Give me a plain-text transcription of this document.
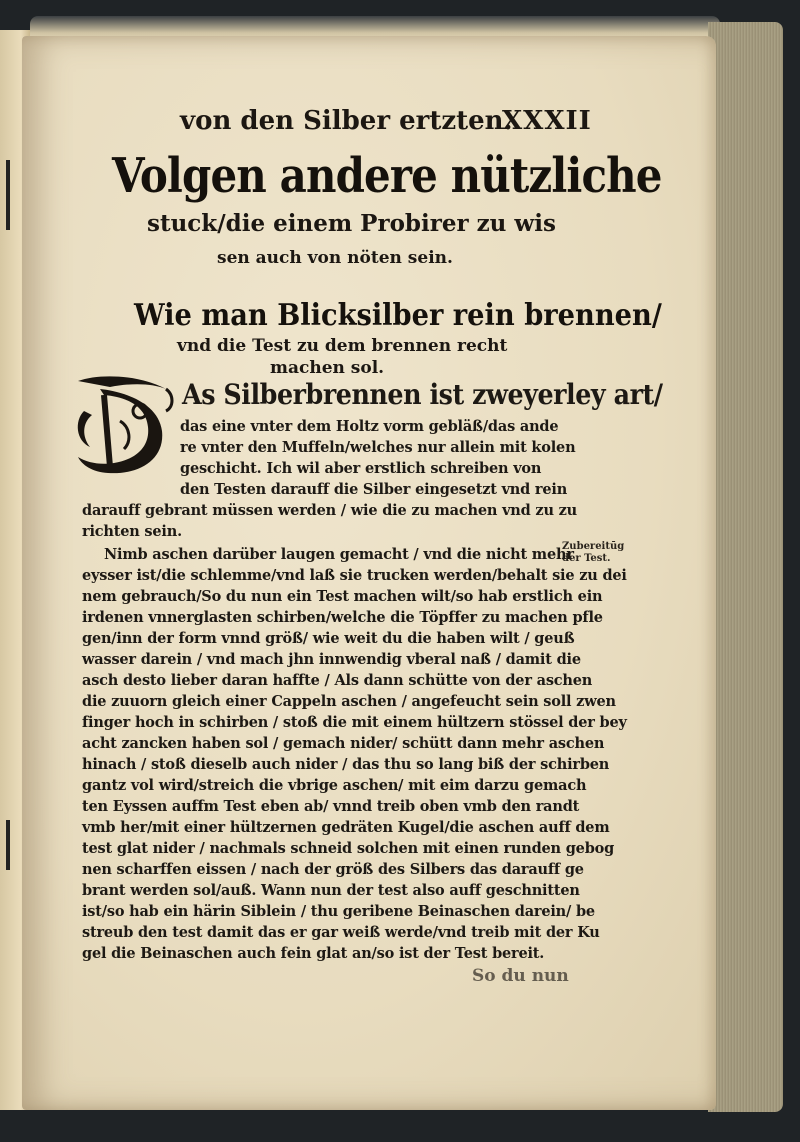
von den Silber ertzten.
XXXII
Volgen andere nützliche
stuck/die einem Probirer zu wis
sen auch von nöten sein.
Wie man Blicksilber rein brennen/
vnd die Test zu dem brennen recht
machen sol.
Zubereitūg
der Test.
As Silberbrennen ist zweyerley art/
das eine vnter dem Holtz vorm gebläß/das ande
re vnter den Muffeln/welches nur allein mit kolen
geschicht. Ich wil aber erstlich schreiben von
den Testen darauff die Silber eingesetzt vnd rein
darauff gebrant müssen werden / wie die zu machen vnd zu zu
richten sein.
Nimb aschen darüber laugen gemacht / vnd die nicht mehr
eysser ist/die schlemme/vnd laß sie trucken werden/behalt sie zu dei
nem gebrauch/So du nun ein Test machen wilt/so hab erstlich ein
irdenen vnnerglasten schirben/welche die Töpffer zu machen pfle
gen/inn der form vnnd größ/ wie weit du die haben wilt / geuß
wasser darein / vnd mach jhn innwendig vberal naß / damit die
asch desto lieber daran haffte / Als dann schütte von der aschen
die zuuorn gleich einer Cappeln aschen / angefeucht sein soll zwen
finger hoch in schirben / stoß die mit einem hültzern stössel der bey
acht zancken haben sol / gemach nider/ schütt dann mehr aschen
hinach / stoß dieselb auch nider / das thu so lang biß der schirben
gantz vol wird/streich die vbrige aschen/ mit eim darzu gemach
ten Eyssen auffm Test eben ab/ vnnd treib oben vmb den randt
vmb her/mit einer hültzernen gedräten Kugel/die aschen auff dem
test glat nider / nachmals schneid solchen mit einen runden gebog
nen scharffen eissen / nach der größ des Silbers das darauff ge
brant werden sol/auß. Wann nun der test also auff geschnitten
ist/so hab ein härin Siblein / thu geribene Beinaschen darein/ be
streub den test damit das er gar weiß werde/vnd treib mit der Ku
gel die Beinaschen auch fein glat an/so ist der Test bereit.
So du nun
